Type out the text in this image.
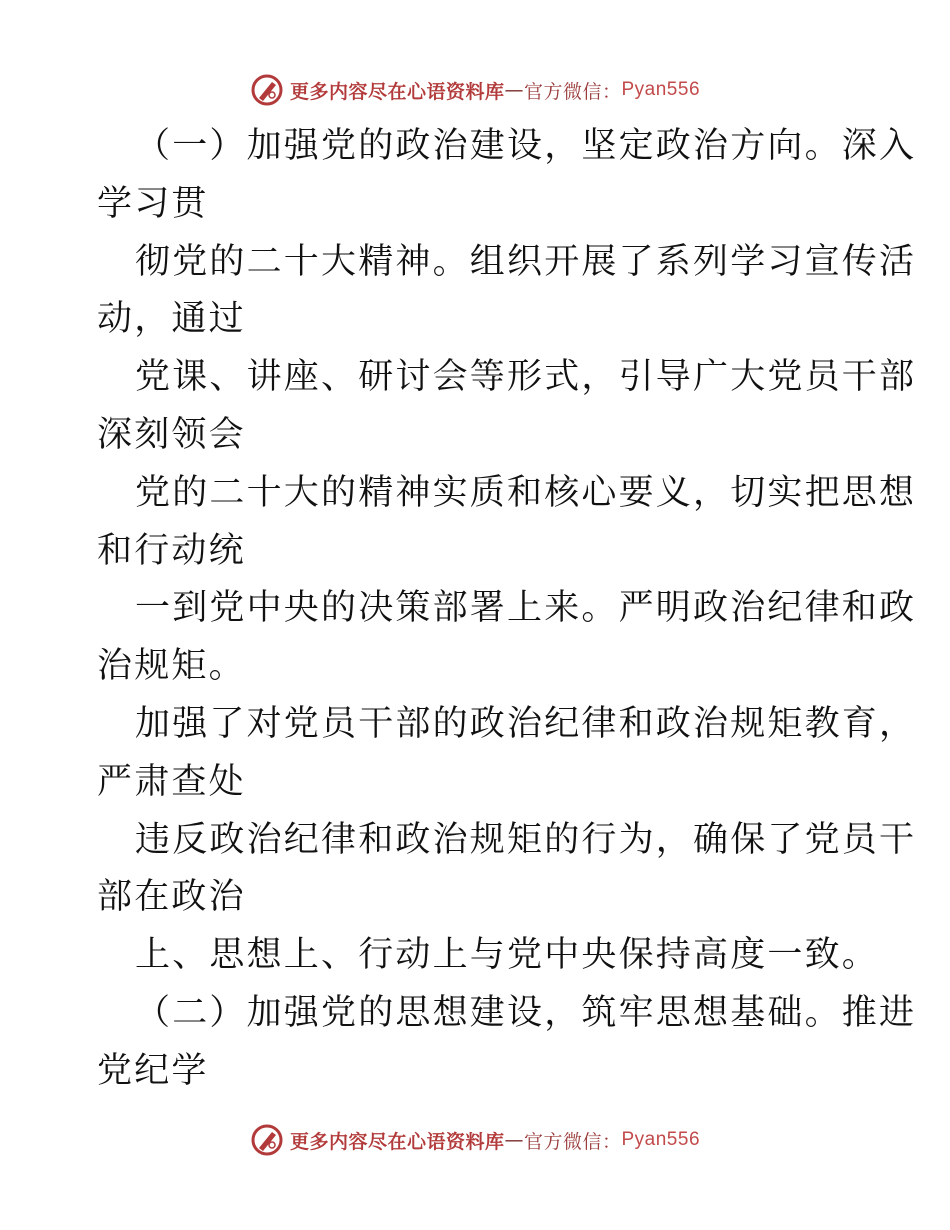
更多内容尽在心语资料库 — 官方微信： Pyan556
（一）加强党的政治建设，坚定政治方向。深入
学习贯
彻党的二十大精神。组织开展了系列学习宣传活
动，通过
党课、讲座、研讨会等形式，引导广大党员干部
深刻领会
党的二十大的精神实质和核心要义，切实把思想
和行动统
一到党中央的决策部署上来。严明政治纪律和政
治规矩。
加强了对党员干部的政治纪律和政治规矩教育，
严肃查处
违反政治纪律和政治规矩的行为，确保了党员干
部在政治
上、思想上、行动上与党中央保持高度一致。
（二）加强党的思想建设，筑牢思想基础。推进
党纪学
更多内容尽在心语资料库 — 官方微信： Pyan556
